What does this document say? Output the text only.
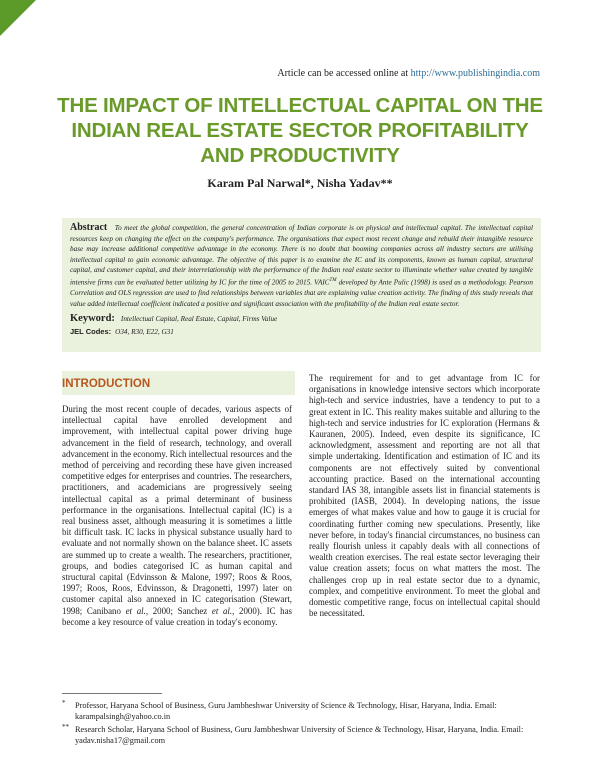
Article can be accessed online at http://www.publishingindia.com
THE IMPACT OF INTELLECTUAL CAPITAL ON THE INDIAN REAL ESTATE SECTOR PROFITABILITY AND PRODUCTIVITY
Karam Pal Narwal*, Nisha Yadav**

Abstract To meet the global competition, the general concentration of Indian corporate is on physical and intellectual capital. The intellectual capital resources keep on changing the effect on the company's performance. The organisations that expect most recent change and rebuild their intangible resource base may increase additional competitive advantage in the economy. There is no doubt that booming companies across all industry sectors are utilising intellectual capital to gain economic advantage. The objective of this paper is to examine the IC and its components, known as human capital, structural capital, and customer capital, and their interrelationship with the performance of the Indian real estate sector to illuminate whether value created by tangible intensive firms can be evaluated better utilizing by IC for the time of 2005 to 2015. VAIC™ developed by Ante Pulic (1998) is used as a methodology. Pearson Correlation and OLS regression are used to find relationships between variables that are explaining value creation activity. The finding of this study reveals that value added intellectual coefficient indicated a positive and significant association with the profitability of the Indian real estate sector.

Keyword: Intellectual Capital, Real Estate, Capital, Firms Value
JEL Codes: O34, R30, E22, G31
INTRODUCTION

During the most recent couple of decades, various aspects of intellectual capital have enrolled development and improvement, with intellectual capital power driving huge advancement in the field of research, technology, and overall advancement in the economy. Rich intellectual resources and the method of perceiving and recording these have given increased competitive edges for enterprises and countries. The researchers, practitioners, and academicians are progressively seeing intellectual capital as a primal determinant of business performance in the organisations. Intellectual capital (IC) is a real business asset, although measuring it is sometimes a little bit difficult task. IC lacks in physical substance usually hard to evaluate and not normally shown on the balance sheet. IC assets are summed up to create a wealth. The researchers, practitioner, groups, and bodies categorised IC as human capital and structural capital (Edvinsson & Malone, 1997; Roos & Roos, 1997; Roos, Roos, Edvinsson, & Dragonetti, 1997) later on customer capital also annexed in IC categorisation (Stewart, 1998; Canibano et al., 2000; Sanchez et al., 2000). IC has become a key resource of value creation in today's economy.

The requirement for and to get advantage from IC for organisations in knowledge intensive sectors which incorporate high-tech and service industries, have a tendency to put to a great extent in IC. This reality makes suitable and alluring to the high-tech and service industries for IC exploration (Hermans & Kauranen, 2005). Indeed, even despite its significance, IC acknowledgment, assessment and reporting are not all that simple undertaking. Identification and estimation of IC and its components are not effectively suited by conventional accounting practice. Based on the international accounting standard IAS 38, intangible assets list in financial statements is prohibited (IASB, 2004). In developing nations, the issue emerges of what makes value and how to gauge it is crucial for coordinating further coming new speculations. Presently, like never before, in today's financial circumstances, no business can really flourish unless it capably deals with all connections of wealth creation exercises. The real estate sector leveraging their value creation assets; focus on what matters the most. The challenges crop up in real estate sector due to a dynamic, complex, and competitive environment. To meet the global and domestic competitive range, focus on intellectual capital should be necessitated.

* Professor, Haryana School of Business, Guru Jambheshwar University of Science & Technology, Hisar, Haryana, India. Email: karampalsingh@yahoo.co.in

** Research Scholar, Haryana School of Business, Guru Jambheshwar University of Science & Technology, Hisar, Haryana, India. Email: yadav.nisha17@gmail.com
